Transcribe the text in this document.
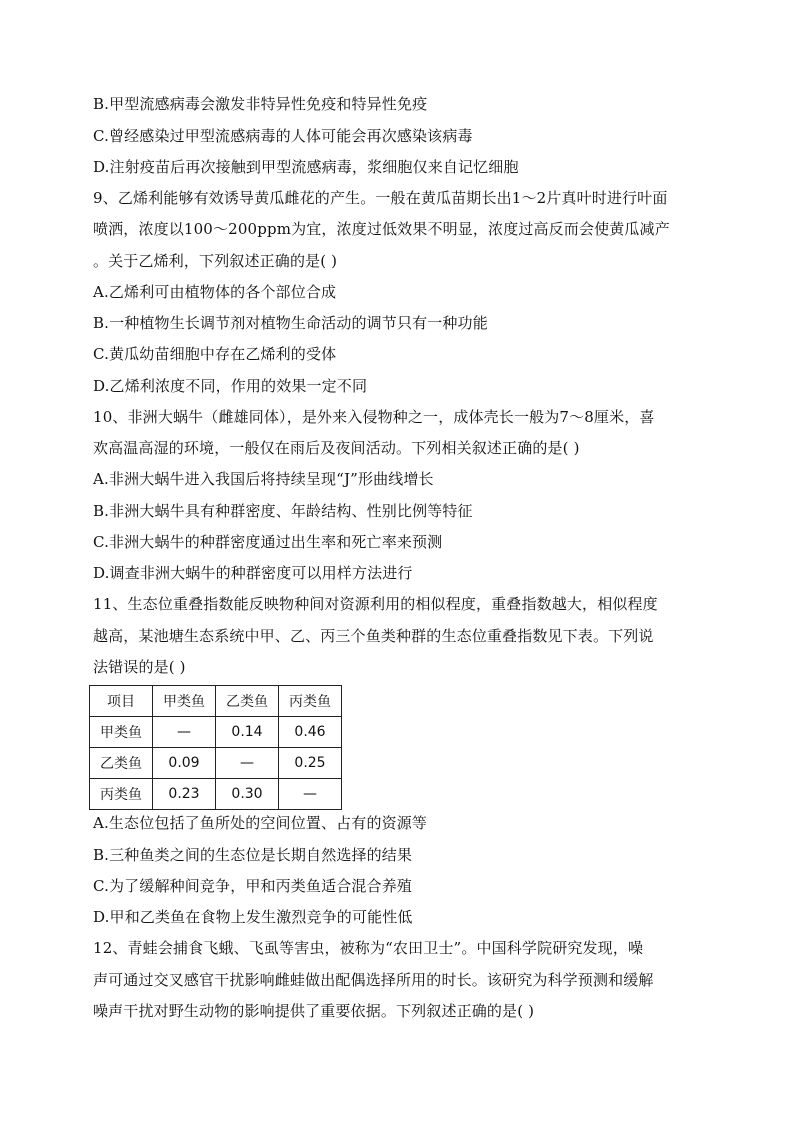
B.甲型流感病毒会激发非特异性免疫和特异性免疫
C.曾经感染过甲型流感病毒的人体可能会再次感染该病毒
D.注射疫苗后再次接触到甲型流感病毒，浆细胞仅来自记忆细胞
9、乙烯利能够有效诱导黄瓜雌花的产生。一般在黄瓜苗期长出1～2片真叶时进行叶面
喷洒，浓度以100～200ppm为宜，浓度过低效果不明显，浓度过高反而会使黄瓜减产
。关于乙烯利，下列叙述正确的是( )
A.乙烯利可由植物体的各个部位合成
B.一种植物生长调节剂对植物生命活动的调节只有一种功能
C.黄瓜幼苗细胞中存在乙烯利的受体
D.乙烯利浓度不同，作用的效果一定不同
10、非洲大蜗牛（雌雄同体），是外来入侵物种之一，成体壳长一般为7～8厘米，喜
欢高温高湿的环境，一般仅在雨后及夜间活动。下列相关叙述正确的是( )
A.非洲大蜗牛进入我国后将持续呈现“J”形曲线增长
B.非洲大蜗牛具有种群密度、年龄结构、性别比例等特征
C.非洲大蜗牛的种群密度通过出生率和死亡率来预测
D.调查非洲大蜗牛的种群密度可以用样方法进行
11、生态位重叠指数能反映物种间对资源利用的相似程度，重叠指数越大，相似程度
越高，某池塘生态系统中甲、乙、丙三个鱼类种群的生态位重叠指数见下表。下列说
法错误的是( )
项目	甲类鱼	乙类鱼	丙类鱼
甲类鱼	—	0.14	0.46
乙类鱼	0.09	—	0.25
丙类鱼	0.23	0.30	—
A.生态位包括了鱼所处的空间位置、占有的资源等
B.三种鱼类之间的生态位是长期自然选择的结果
C.为了缓解种间竞争，甲和丙类鱼适合混合养殖
D.甲和乙类鱼在食物上发生激烈竞争的可能性低
12、青蛙会捕食飞蛾、飞虱等害虫，被称为“农田卫士”。中国科学院研究发现，噪
声可通过交叉感官干扰影响雌蛙做出配偶选择所用的时长。该研究为科学预测和缓解
噪声干扰对野生动物的影响提供了重要依据。下列叙述正确的是( )
